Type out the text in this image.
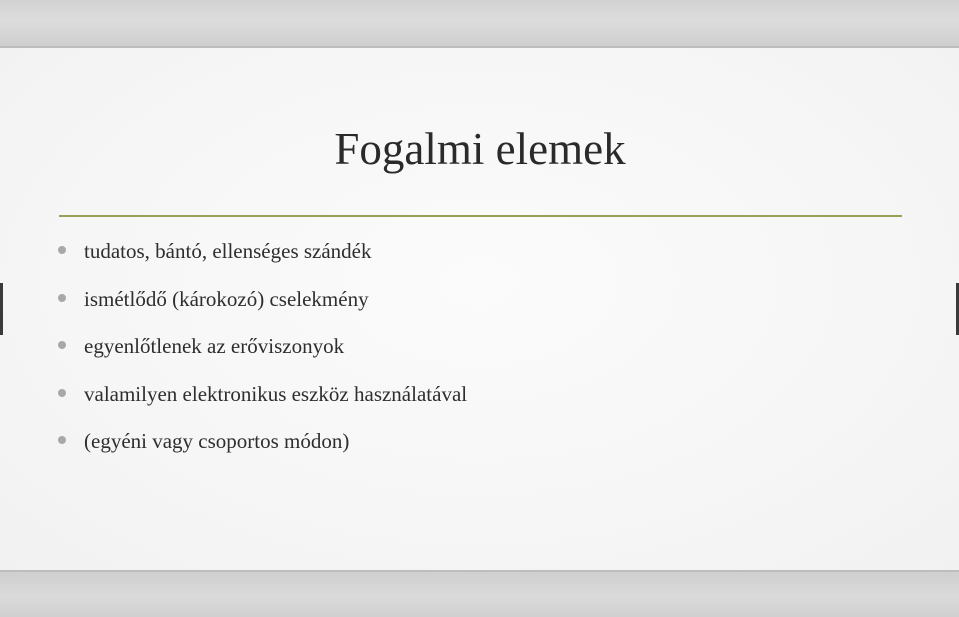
Fogalmi elemek
tudatos, bántó, ellenséges szándék
ismétlődő (károkozó) cselekmény
egyenlőtlenek az erőviszonyok
valamilyen elektronikus eszköz használatával
(egyéni vagy csoportos módon)
